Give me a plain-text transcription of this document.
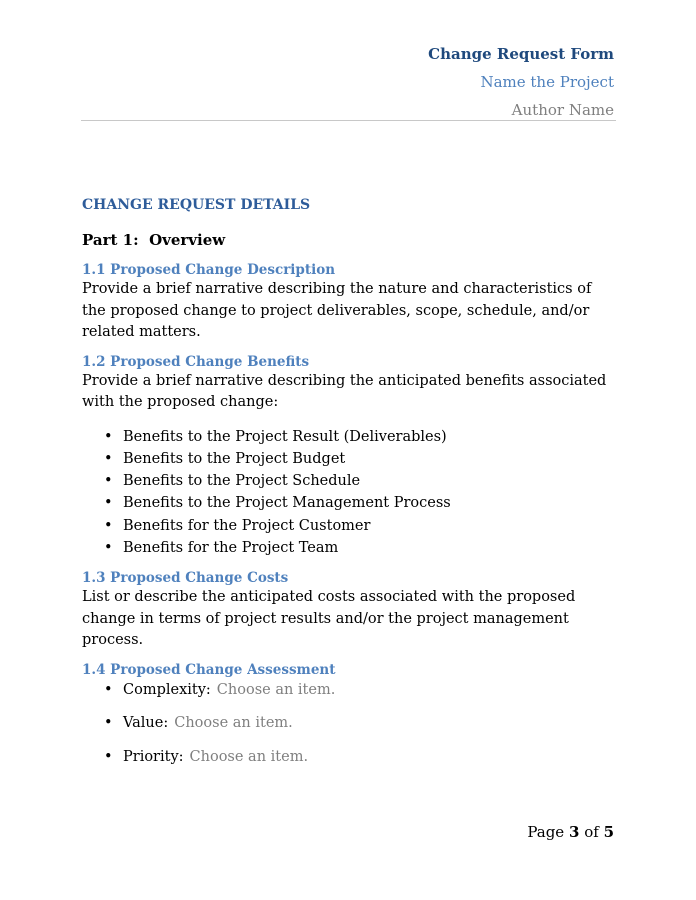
Change Request Form
Name the Project
Author Name
CHANGE REQUEST DETAILS
Part 1:  Overview
1.1 Proposed Change Description

Provide a brief narrative describing the nature and characteristics of the proposed change to project deliverables, scope, schedule, and/or related matters.

1.2 Proposed Change Benefits

Provide a brief narrative describing the anticipated benefits associated with the proposed change:

• Benefits to the Project Result (Deliverables)
• Benefits to the Project Budget
• Benefits to the Project Schedule
• Benefits to the Project Management Process
• Benefits for the Project Customer
• Benefits for the Project Team
1.3 Proposed Change Costs

List or describe the anticipated costs associated with the proposed change in terms of project results and/or the project management process.

1.4 Proposed Change Assessment
• Complexity: Choose an item.
• Value: Choose an item.
• Priority: Choose an item.
Page 3 of 5
